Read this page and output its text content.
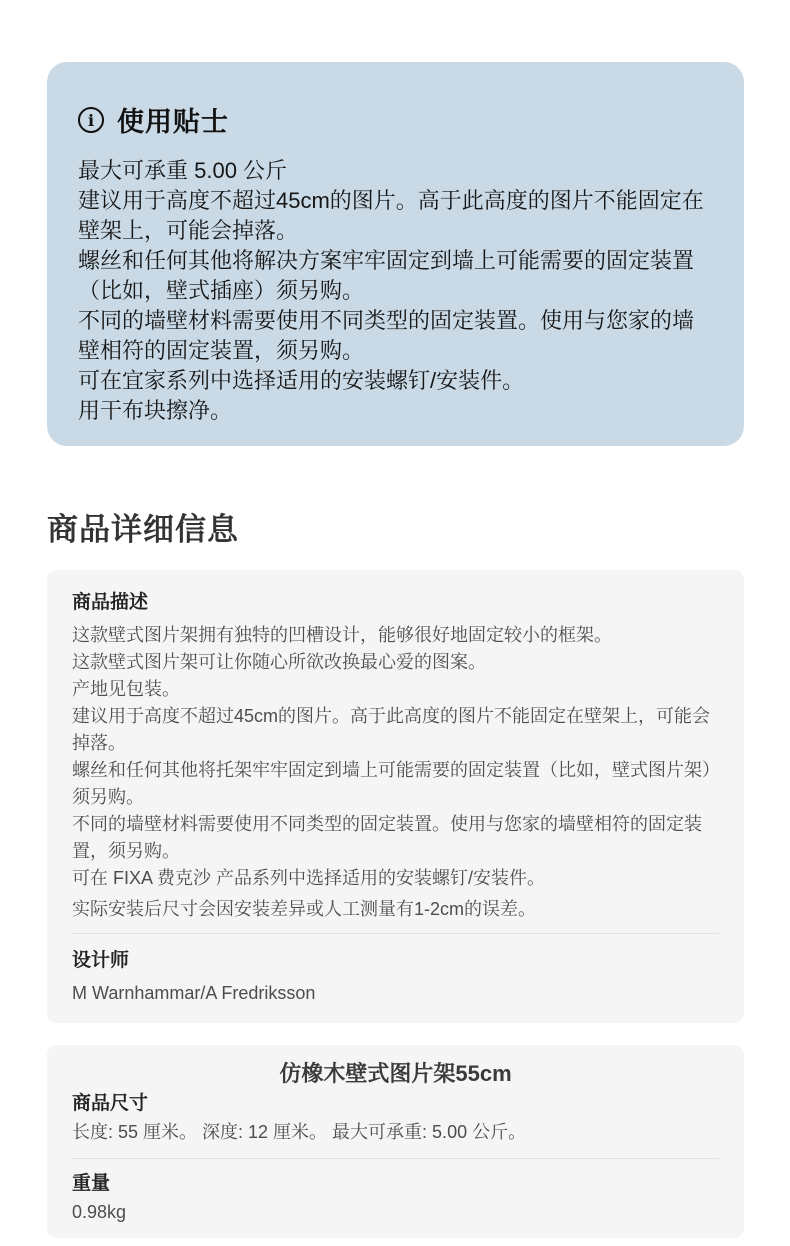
i 使用贴士

最大可承重 5.00 公斤

建议用于高度不超过45cm的图片。高于此高度的图片不能固定在壁架上，可能会掉落。

螺丝和任何其他将解决方案牢牢固定到墙上可能需要的固定装置（比如，壁式插座）须另购。

不同的墙壁材料需要使用不同类型的固定装置。使用与您家的墙壁相符的固定装置，须另购。

可在宜家系列中选择适用的安装螺钉/安装件。

用干布块擦净。

商品详细信息
商品描述

这款壁式图片架拥有独特的凹槽设计，能够很好地固定较小的框架。

这款壁式图片架可让你随心所欲改换最心爱的图案。

产地见包装。

建议用于高度不超过45cm的图片。高于此高度的图片不能固定在壁架上，可能会掉落。

螺丝和任何其他将托架牢牢固定到墙上可能需要的固定装置（比如，壁式图片架）须另购。

不同的墙壁材料需要使用不同类型的固定装置。使用与您家的墙壁相符的固定装置，须另购。

可在 FIXA 费克沙 产品系列中选择适用的安装螺钉/安装件。

实际安装后尺寸会因安装差异或人工测量有1-2cm的误差。

设计师

M Warnhammar/A Fredriksson

仿橡木壁式图片架55cm
商品尺寸

长度: 55 厘米。 深度: 12 厘米。 最大可承重: 5.00 公斤。

重量

0.98kg
